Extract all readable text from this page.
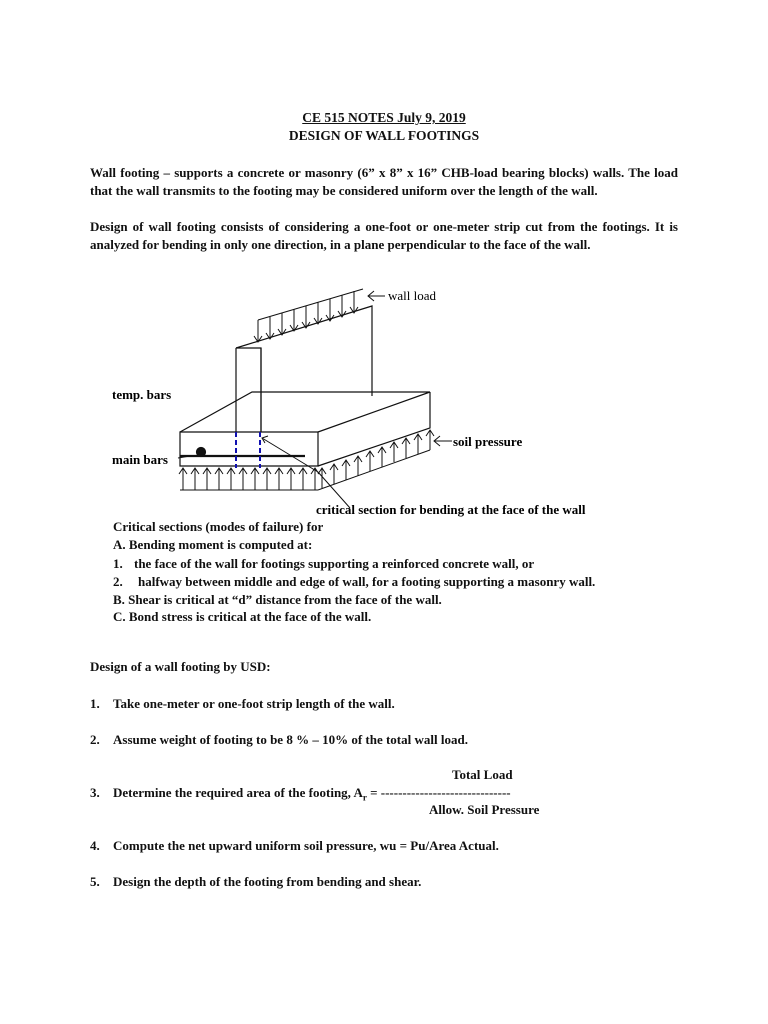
CE 515 NOTES July 9, 2019
DESIGN OF WALL FOOTINGS
Wall footing – supports a concrete or masonry (6” x 8” x 16” CHB-load bearing blocks) walls. The load that the wall transmits to the footing may be considered uniform over the length of the wall.
Design of wall footing consists of considering a one-foot or one-meter strip cut from the footings. It is analyzed for bending in only one direction, in a plane perpendicular to the face of the wall.
wall load
temp. bars
main bars
soil pressure
critical section for bending at the face of the wall
Critical sections (modes of failure) for
A. Bending moment is computed at:
1. the face of the wall for footings supporting a reinforced concrete wall, or
2. halfway between middle and edge of wall, for a footing supporting a masonry wall.
B. Shear is critical at “d” distance from the face of the wall.
C. Bond stress is critical at the face of the wall.
Design of a wall footing by USD:
1. Take one-meter or one-foot strip length of the wall.
2. Assume weight of footing to be 8 % – 10% of the total wall load.
Total Load
3. Determine the required area of the footing, $A_r$ = ------------------------------
Allow. Soil Pressure
4. Compute the net upward uniform soil pressure, wu = Pu/Area Actual.
5. Design the depth of the footing from bending and shear.
